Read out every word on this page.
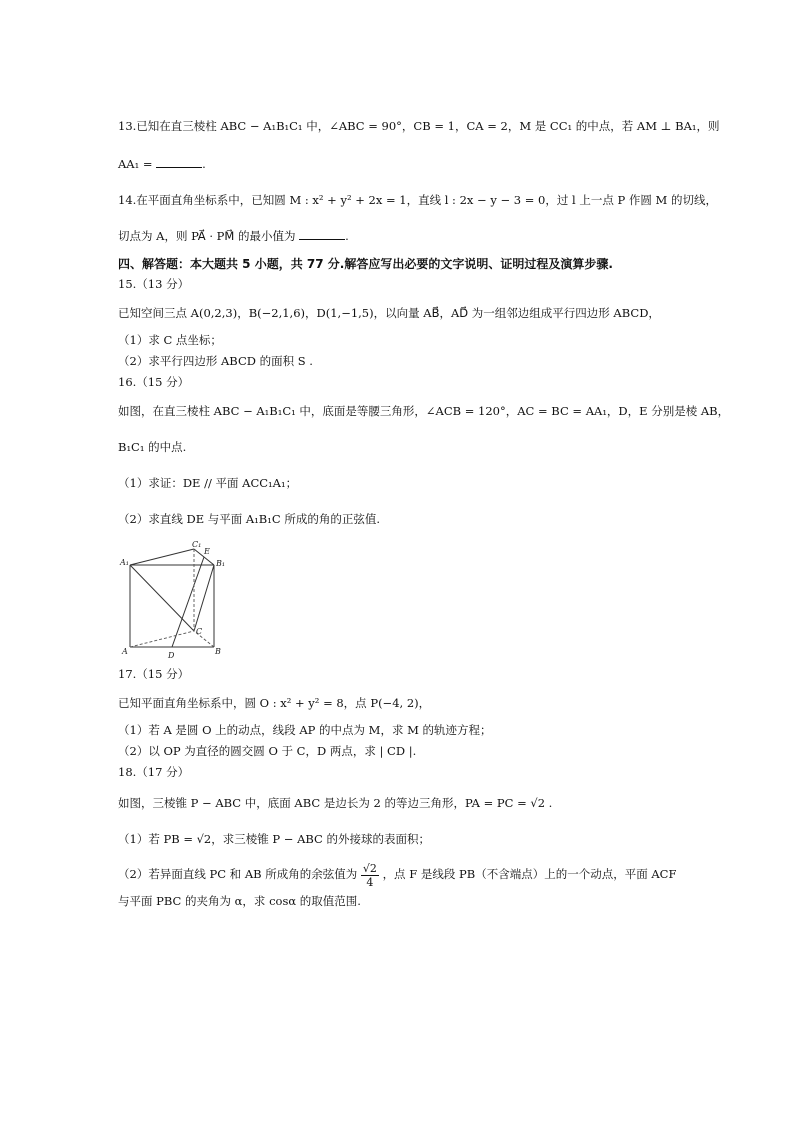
13.已知在直三棱柱 ABC − A₁B₁C₁ 中，∠ABC = 90°，CB = 1，CA = 2，M 是 CC₁ 的中点，若 AM ⊥ BA₁，则
AA₁ =	.
14.在平面直角坐标系中，已知圆 M : x² + y² + 2x = 1，直线 l : 2x − y − 3 = 0，过 l 上一点 P 作圆 M 的切线，
切点为 A，则 PA⃗ · PM⃗ 的最小值为	.
四、解答题：本大题共 5 小题，共 77 分.解答应写出必要的文字说明、证明过程及演算步骤.
15.（13 分）
已知空间三点 A(0,2,3)，B(−2,1,6)，D(1,−1,5)，以向量 AB⃗，AD⃗ 为一组邻边组成平行四边形 ABCD，
（1）求 C 点坐标；
（2）求平行四边形 ABCD 的面积 S .
16.（15 分）
如图，在直三棱柱 ABC − A₁B₁C₁ 中，底面是等腰三角形，∠ACB = 120°，AC = BC = AA₁，D，E 分别是棱 AB，
B₁C₁ 的中点.
（1）求证：DE // 平面 ACC₁A₁；
（2）求直线 DE 与平面 A₁B₁C 所成的角的正弦值.
A₁	B₁
C₁
E
A	B
C
D
17.（15 分）
已知平面直角坐标系中，圆 O : x² + y² = 8，点 P(−4, 2)，
（1）若 A 是圆 O 上的动点，线段 AP 的中点为 M，求 M 的轨迹方程；
（2）以 OP 为直径的圆交圆 O 于 C，D 两点，求 | CD |.
18.（17 分）
如图，三棱锥 P − ABC 中，底面 ABC 是边长为 2 的等边三角形，PA = PC = √2 .
（1）若 PB = √2，求三棱锥 P − ABC 的外接球的表面积；
（2）若异面直线 PC 和 AB 所成角的余弦值为 $\frac{√2}{4}$ ，点 F 是线段 PB（不含端点）上的一个动点，平面 ACF
与平面 PBC 的夹角为 α，求 cosα 的取值范围.
